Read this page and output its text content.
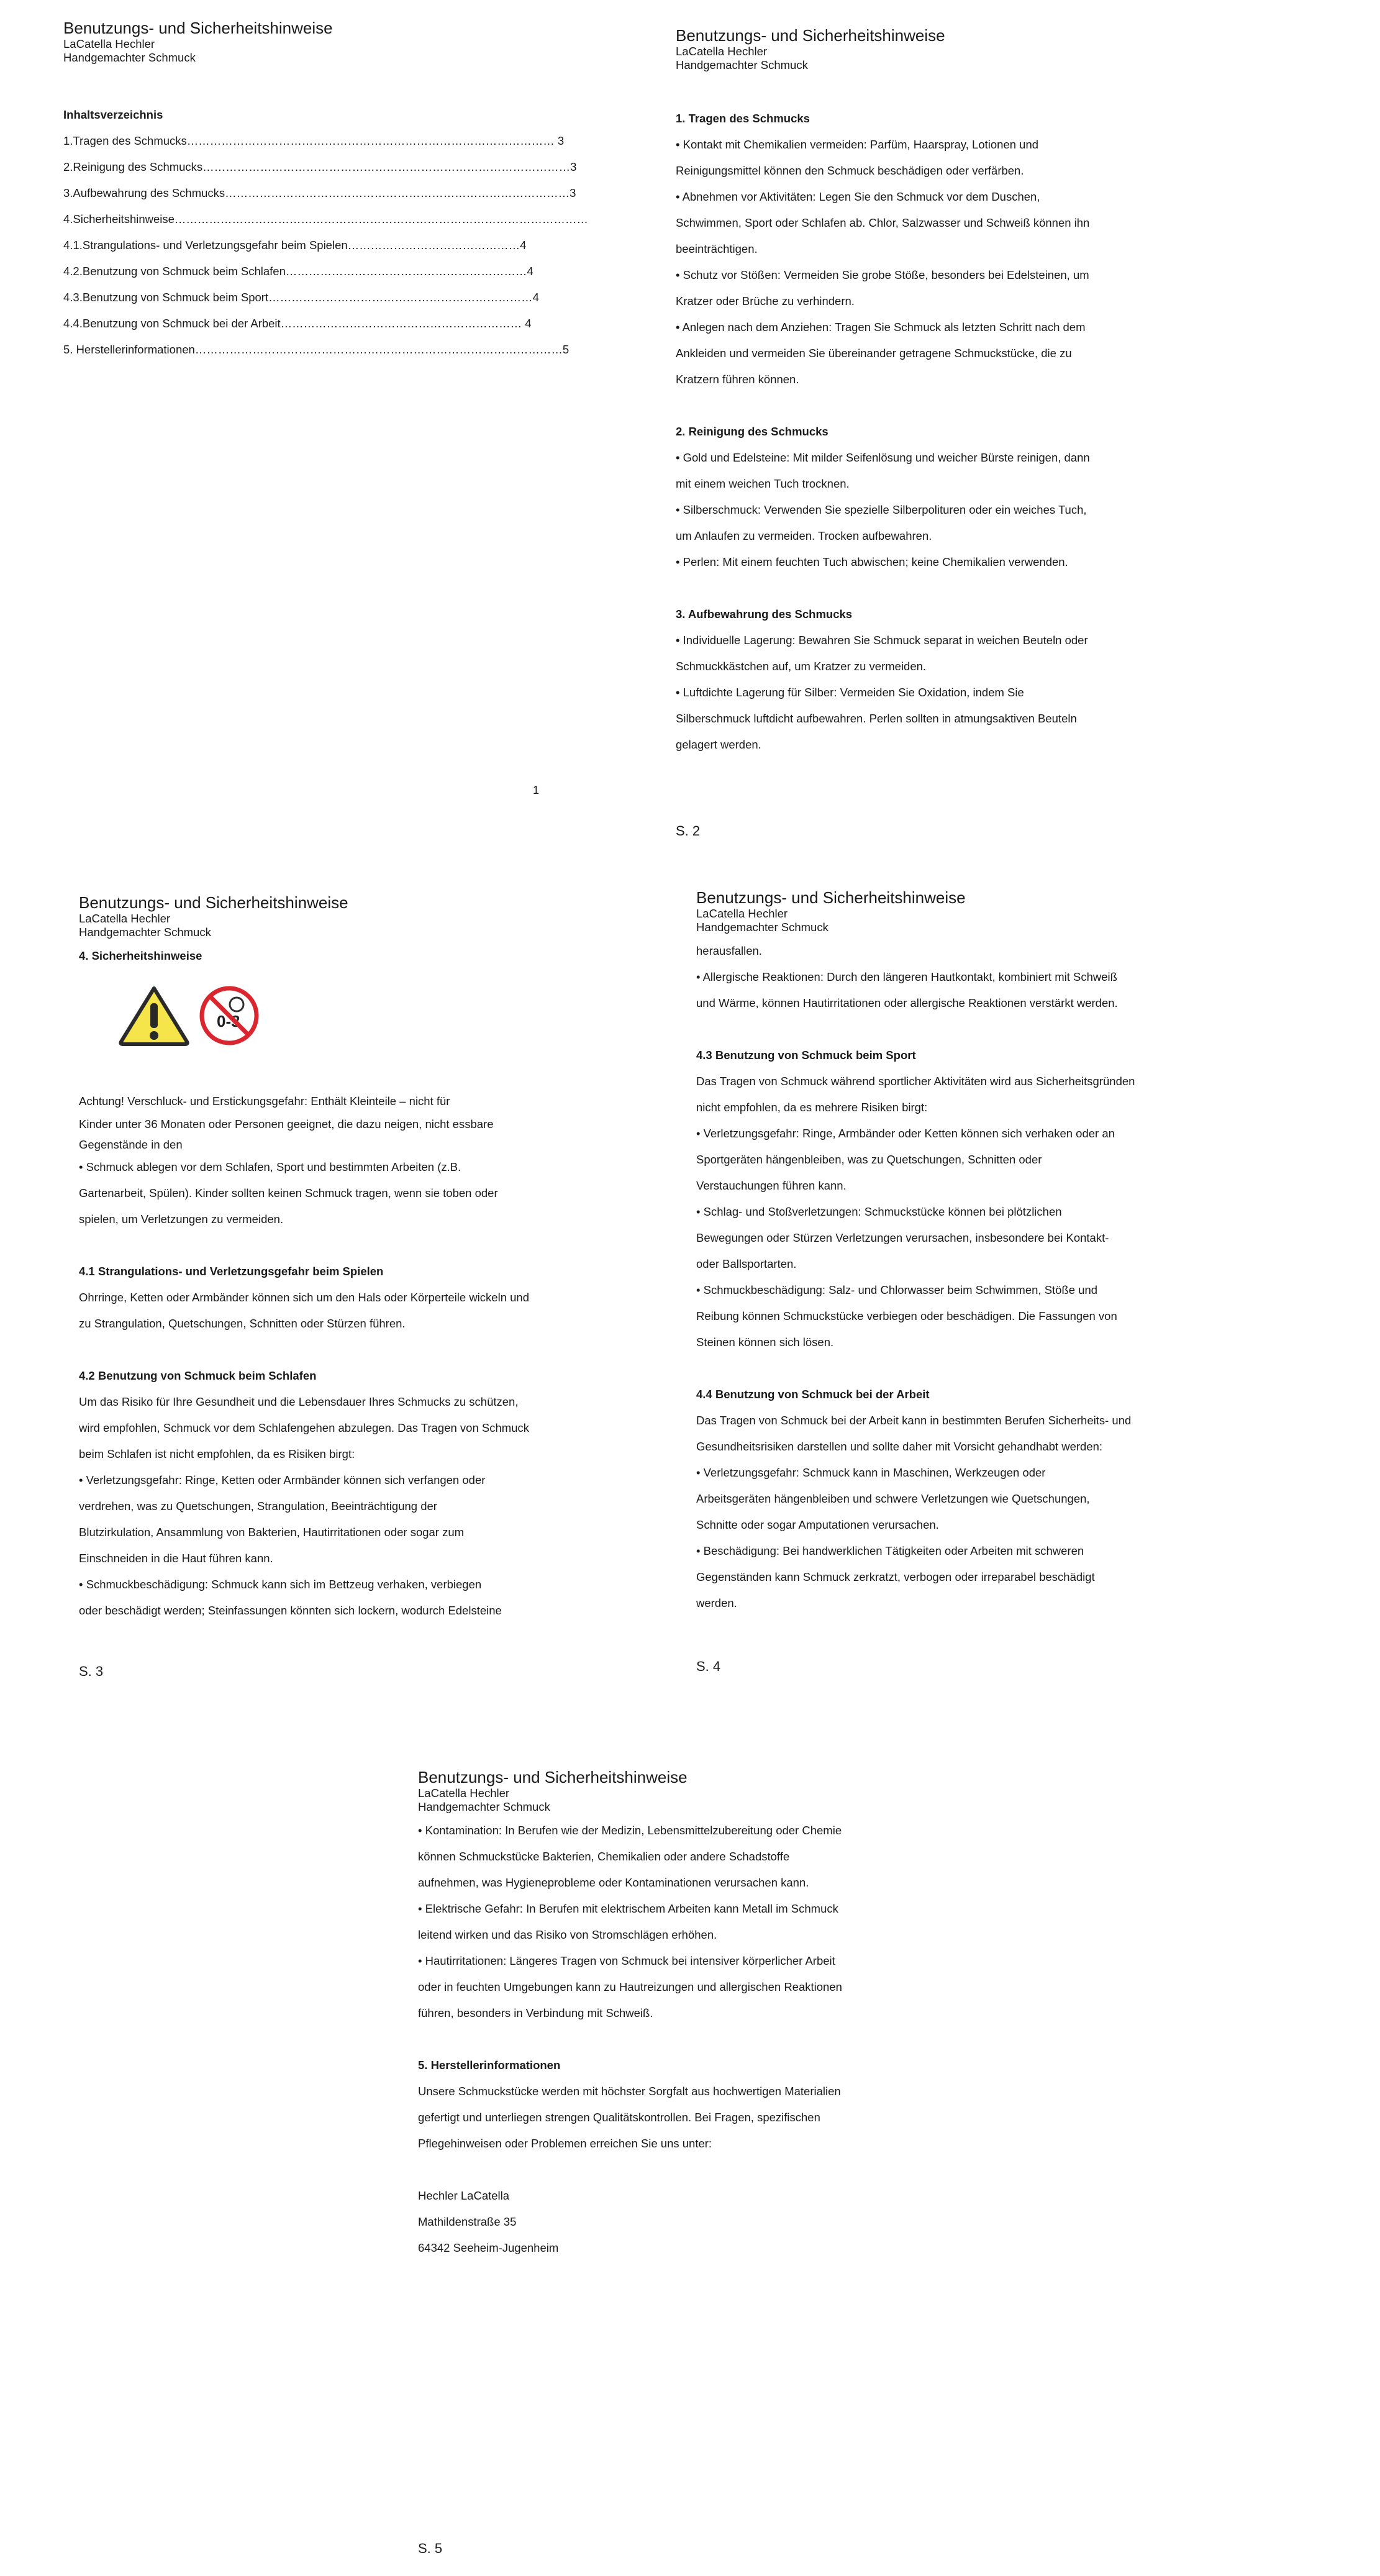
Benutzungs- und Sicherheitshinweise

LaCatella Hechler

Handgemachter Schmuck

Inhaltsverzeichnis

1.Tragen des Schmucks…………………………………………………………………………………… 3

2.Reinigung des Schmucks……………………………………………………………………………………3

3.Aufbewahrung des Schmucks………………………………………………………………………………3

4.Sicherheitshinweise………………………………………………………………………………………………

4.1.Strangulations- und Verletzungsgefahr beim Spielen………………………………………4

4.2.Benutzung von Schmuck beim Schlafen………………………………………………………4

4.3.Benutzung von Schmuck beim Sport……………………………………………………………4

4.4.Benutzung von Schmuck bei der Arbeit……………………………………………………… 4

5. Herstellerinformationen……………………………………………………………………………………5

1

Benutzungs- und Sicherheitshinweise

LaCatella Hechler

Handgemachter Schmuck

1. Tragen des Schmucks

• Kontakt mit Chemikalien vermeiden: Parfüm, Haarspray, Lotionen und

Reinigungsmittel können den Schmuck beschädigen oder verfärben.

• Abnehmen vor Aktivitäten: Legen Sie den Schmuck vor dem Duschen,

Schwimmen, Sport oder Schlafen ab. Chlor, Salzwasser und Schweiß können ihn

beeinträchtigen.

• Schutz vor Stößen: Vermeiden Sie grobe Stöße, besonders bei Edelsteinen, um

Kratzer oder Brüche zu verhindern.

• Anlegen nach dem Anziehen: Tragen Sie Schmuck als letzten Schritt nach dem

Ankleiden und vermeiden Sie übereinander getragene Schmuckstücke, die zu

Kratzern führen können.

2. Reinigung des Schmucks

• Gold und Edelsteine: Mit milder Seifenlösung und weicher Bürste reinigen, dann

mit einem weichen Tuch trocknen.

• Silberschmuck: Verwenden Sie spezielle Silberpolituren oder ein weiches Tuch,

um Anlaufen zu vermeiden. Trocken aufbewahren.

• Perlen: Mit einem feuchten Tuch abwischen; keine Chemikalien verwenden.

3. Aufbewahrung des Schmucks

• Individuelle Lagerung: Bewahren Sie Schmuck separat in weichen Beuteln oder

Schmuckkästchen auf, um Kratzer zu vermeiden.

• Luftdichte Lagerung für Silber: Vermeiden Sie Oxidation, indem Sie

Silberschmuck luftdicht aufbewahren. Perlen sollten in atmungsaktiven Beuteln

gelagert werden.

S. 2

Benutzungs- und Sicherheitshinweise

LaCatella Hechler

Handgemachter Schmuck

4. Sicherheitshinweise

0-3

Achtung! Verschluck- und Erstickungsgefahr: Enthält Kleinteile – nicht für

Kinder unter 36 Monaten oder Personen geeignet, die dazu neigen, nicht essbare

Gegenstände in den

• Schmuck ablegen vor dem Schlafen, Sport und bestimmten Arbeiten (z.B.

Gartenarbeit, Spülen). Kinder sollten keinen Schmuck tragen, wenn sie toben oder

spielen, um Verletzungen zu vermeiden.

4.1 Strangulations- und Verletzungsgefahr beim Spielen

Ohrringe, Ketten oder Armbänder können sich um den Hals oder Körperteile wickeln und

zu Strangulation, Quetschungen, Schnitten oder Stürzen führen.

4.2 Benutzung von Schmuck beim Schlafen

Um das Risiko für Ihre Gesundheit und die Lebensdauer Ihres Schmucks zu schützen,

wird empfohlen, Schmuck vor dem Schlafengehen abzulegen. Das Tragen von Schmuck

beim Schlafen ist nicht empfohlen, da es Risiken birgt:

• Verletzungsgefahr: Ringe, Ketten oder Armbänder können sich verfangen oder

verdrehen, was zu Quetschungen, Strangulation, Beeinträchtigung der

Blutzirkulation, Ansammlung von Bakterien, Hautirritationen oder sogar zum

Einschneiden in die Haut führen kann.

• Schmuckbeschädigung: Schmuck kann sich im Bettzeug verhaken, verbiegen

oder beschädigt werden; Steinfassungen könnten sich lockern, wodurch Edelsteine

S. 3

Benutzungs- und Sicherheitshinweise

LaCatella Hechler

Handgemachter Schmuck

herausfallen.

• Allergische Reaktionen: Durch den längeren Hautkontakt, kombiniert mit Schweiß

und Wärme, können Hautirritationen oder allergische Reaktionen verstärkt werden.

4.3 Benutzung von Schmuck beim Sport

Das Tragen von Schmuck während sportlicher Aktivitäten wird aus Sicherheitsgründen

nicht empfohlen, da es mehrere Risiken birgt:

• Verletzungsgefahr: Ringe, Armbänder oder Ketten können sich verhaken oder an

Sportgeräten hängenbleiben, was zu Quetschungen, Schnitten oder

Verstauchungen führen kann.

• Schlag- und Stoßverletzungen: Schmuckstücke können bei plötzlichen

Bewegungen oder Stürzen Verletzungen verursachen, insbesondere bei Kontakt-

oder Ballsportarten.

• Schmuckbeschädigung: Salz- und Chlorwasser beim Schwimmen, Stöße und

Reibung können Schmuckstücke verbiegen oder beschädigen. Die Fassungen von

Steinen können sich lösen.

4.4 Benutzung von Schmuck bei der Arbeit

Das Tragen von Schmuck bei der Arbeit kann in bestimmten Berufen Sicherheits- und

Gesundheitsrisiken darstellen und sollte daher mit Vorsicht gehandhabt werden:

• Verletzungsgefahr: Schmuck kann in Maschinen, Werkzeugen oder

Arbeitsgeräten hängenbleiben und schwere Verletzungen wie Quetschungen,

Schnitte oder sogar Amputationen verursachen.

• Beschädigung: Bei handwerklichen Tätigkeiten oder Arbeiten mit schweren

Gegenständen kann Schmuck zerkratzt, verbogen oder irreparabel beschädigt

werden.

S. 4

Benutzungs- und Sicherheitshinweise

LaCatella Hechler

Handgemachter Schmuck

• Kontamination: In Berufen wie der Medizin, Lebensmittelzubereitung oder Chemie

können Schmuckstücke Bakterien, Chemikalien oder andere Schadstoffe

aufnehmen, was Hygieneprobleme oder Kontaminationen verursachen kann.

• Elektrische Gefahr: In Berufen mit elektrischem Arbeiten kann Metall im Schmuck

leitend wirken und das Risiko von Stromschlägen erhöhen.

• Hautirritationen: Längeres Tragen von Schmuck bei intensiver körperlicher Arbeit

oder in feuchten Umgebungen kann zu Hautreizungen und allergischen Reaktionen

führen, besonders in Verbindung mit Schweiß.

5. Herstellerinformationen

Unsere Schmuckstücke werden mit höchster Sorgfalt aus hochwertigen Materialien

gefertigt und unterliegen strengen Qualitätskontrollen. Bei Fragen, spezifischen

Pflegehinweisen oder Problemen erreichen Sie uns unter:

Hechler LaCatella

Mathildenstraße 35

64342 Seeheim-Jugenheim

S. 5
